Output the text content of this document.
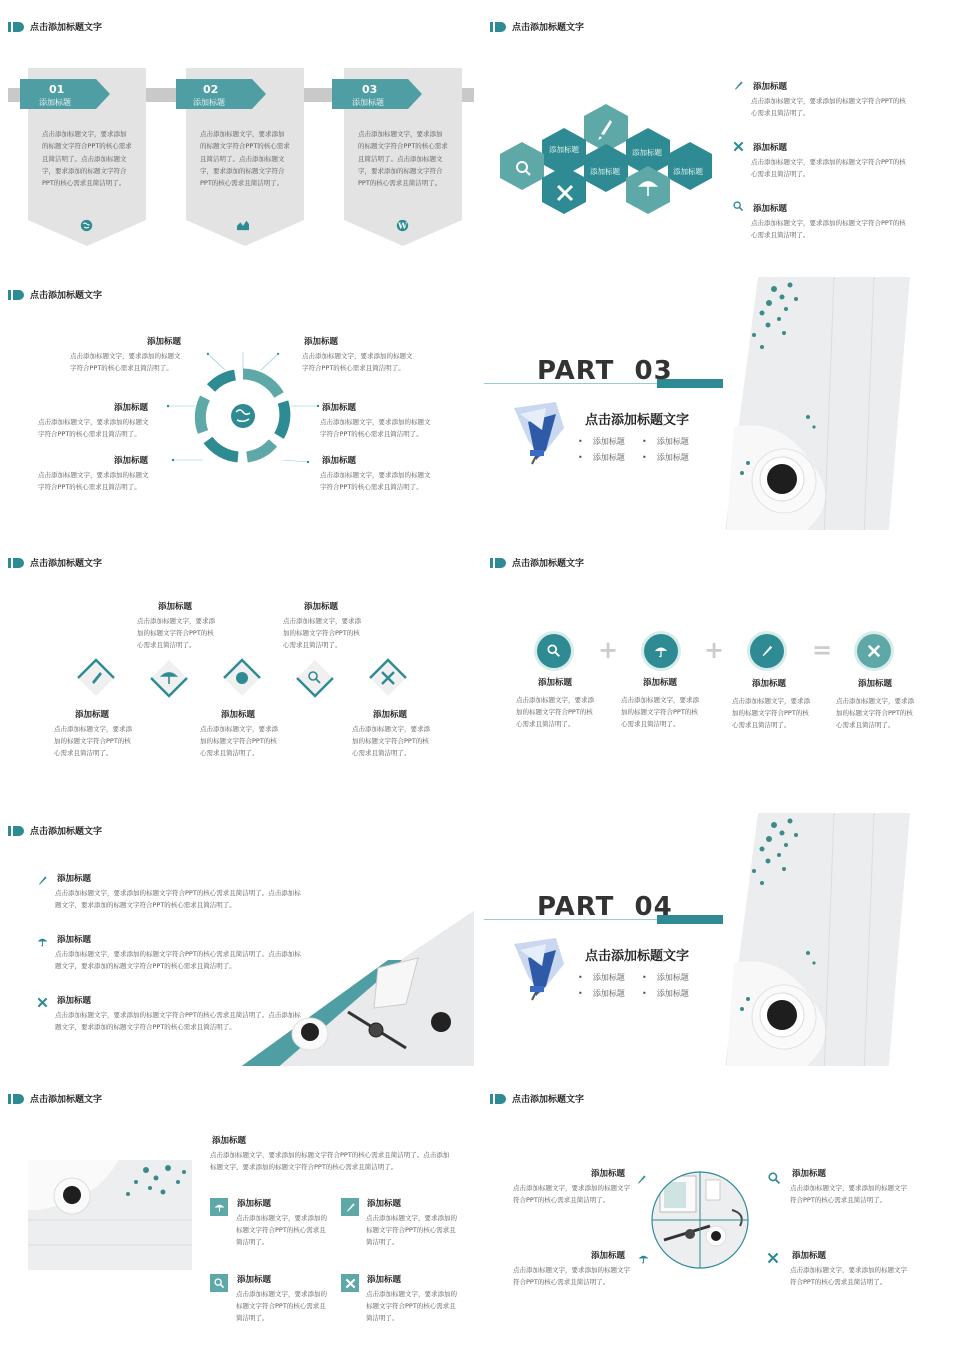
点击添加标题文字
01
添加标题
02
添加标题
03
添加标题
点击添加标题文字，要求添加的标题文字符合PPT的核心需求且简洁明了。点击添加标题文字，要求添加的标题文字符合PPT的核心需求且简洁明了。
点击添加标题文字，要求添加的标题文字符合PPT的核心需求且简洁明了。点击添加标题文字，要求添加的标题文字符合PPT的核心需求且简洁明了。
点击添加标题文字，要求添加的标题文字符合PPT的核心需求且简洁明了。点击添加标题文字，要求添加的标题文字符合PPT的核心需求且简洁明了。
W
点击添加标题文字
添加标题	添加标题
添加标题	添加标题
添加标题
点击添加标题文字，要求添加的标题文字符合PPT的核心需求且简洁明了。
添加标题
点击添加标题文字，要求添加的标题文字符合PPT的核心需求且简洁明了。
添加标题
点击添加标题文字，要求添加的标题文字符合PPT的核心需求且简洁明了。
点击添加标题文字
添加标题
点击添加标题文字，要求添加的标题文字符合PPT的核心需求且简洁明了。
添加标题
点击添加标题文字，要求添加的标题文字符合PPT的核心需求且简洁明了。
添加标题
点击添加标题文字，要求添加的标题文字符合PPT的核心需求且简洁明了。
添加标题
点击添加标题文字，要求添加的标题文字符合PPT的核心需求且简洁明了。
添加标题
点击添加标题文字，要求添加的标题文字符合PPT的核心需求且简洁明了。
添加标题
点击添加标题文字，要求添加的标题文字符合PPT的核心需求且简洁明了。
PART 03
点击添加标题文字
•    添加标题 •    添加标题
•    添加标题 •    添加标题
点击添加标题文字
添加标题
点击添加标题文字，要求添加的标题文字符合PPT的核心需求且简洁明了。
添加标题
点击添加标题文字，要求添加的标题文字符合PPT的核心需求且简洁明了。
添加标题
点击添加标题文字，要求添加的标题文字符合PPT的核心需求且简洁明了。
添加标题
点击添加标题文字，要求添加的标题文字符合PPT的核心需求且简洁明了。
添加标题
点击添加标题文字，要求添加的标题文字符合PPT的核心需求且简洁明了。
点击添加标题文字
+	+	=
添加标题
点击添加标题文字，要求添加的标题文字符合PPT的核心需求且简洁明了。
添加标题
点击添加标题文字，要求添加的标题文字符合PPT的核心需求且简洁明了。
添加标题
点击添加标题文字，要求添加的标题文字符合PPT的核心需求且简洁明了。
添加标题
点击添加标题文字，要求添加的标题文字符合PPT的核心需求且简洁明了。
点击添加标题文字
添加标题
点击添加标题文字，要求添加的标题文字符合PPT的核心需求且简洁明了。点击添加标题文字，要求添加的标题文字符合PPT的核心需求且简洁明了。
添加标题
点击添加标题文字，要求添加的标题文字符合PPT的核心需求且简洁明了。点击添加标题文字，要求添加的标题文字符合PPT的核心需求且简洁明了。
添加标题
点击添加标题文字，要求添加的标题文字符合PPT的核心需求且简洁明了。点击添加标题文字，要求添加的标题文字符合PPT的核心需求且简洁明了。
PART 04
点击添加标题文字
•    添加标题 •    添加标题
•    添加标题 •    添加标题
点击添加标题文字
添加标题
点击添加标题文字，要求添加的标题文字符合PPT的核心需求且简洁明了。点击添加标题文字，要求添加的标题文字符合PPT的核心需求且简洁明了。
添加标题
点击添加标题文字，要求添加的标题文字符合PPT的核心需求且简洁明了。
添加标题
点击添加标题文字，要求添加的标题文字符合PPT的核心需求且简洁明了。
添加标题
点击添加标题文字，要求添加的标题文字符合PPT的核心需求且简洁明了。
添加标题
点击添加标题文字，要求添加的标题文字符合PPT的核心需求且简洁明了。
点击添加标题文字
添加标题
点击添加标题文字，要求添加的标题文字符合PPT的核心需求且简洁明了。
添加标题
点击添加标题文字，要求添加的标题文字符合PPT的核心需求且简洁明了。
添加标题
点击添加标题文字，要求添加的标题文字符合PPT的核心需求且简洁明了。
添加标题
点击添加标题文字，要求添加的标题文字符合PPT的核心需求且简洁明了。
